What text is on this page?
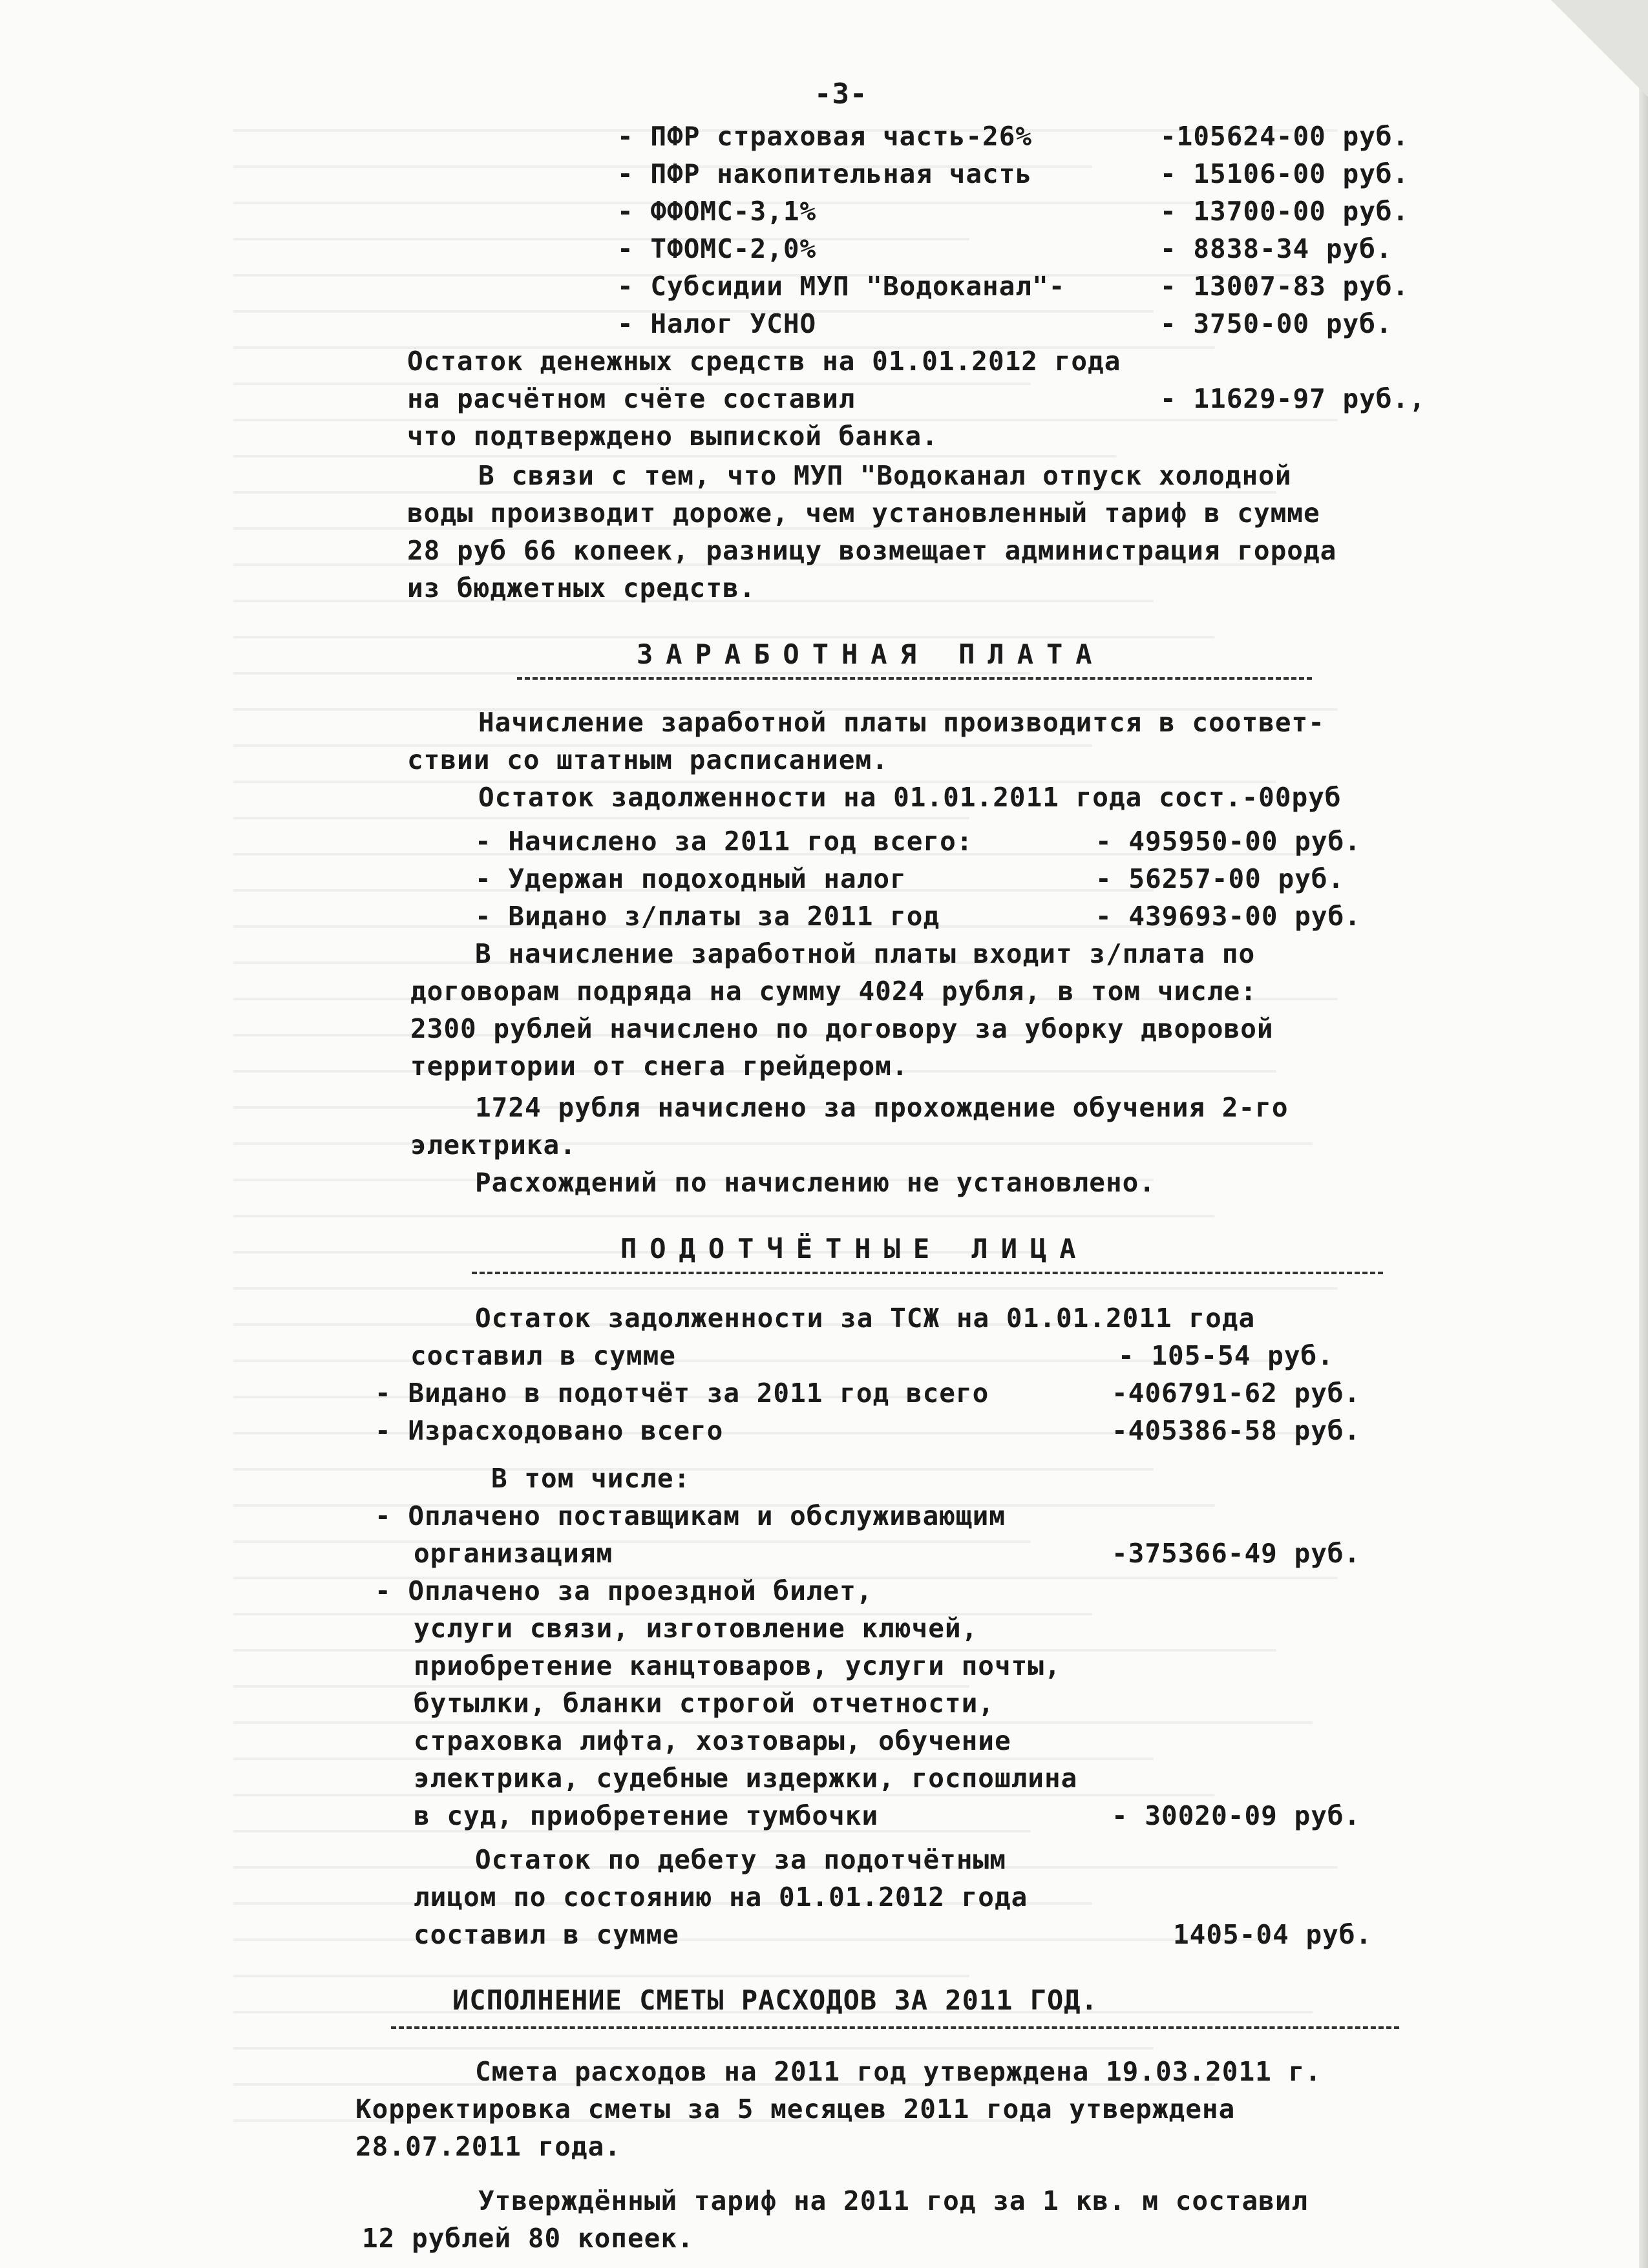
-3-
- ПФР страховая часть-26%	-105624-00 руб.
- ПФР накопительная часть	- 15106-00 руб.
- ФФОМС-3,1%	- 13700-00 руб.
- ТФОМС-2,0%	- 8838-34 руб.
- Субсидии МУП "Водоканал"-	- 13007-83 руб.
- Налог УСНО	- 3750-00 руб.
Остаток денежных средств на 01.01.2012 года
на расчётном счёте составил	- 11629-97 руб.,
что подтверждено выпиской банка.
В связи с тем, что МУП "Водоканал отпуск холодной
воды производит дороже, чем установленный тариф в сумме
28 руб 66 копеек, разницу возмещает администрация города
из бюджетных средств.
ЗАРАБОТНАЯ ПЛАТА
Начисление заработной платы производится в соответ-
ствии со штатным расписанием.
Остаток задолженности на 01.01.2011 года сост.-00руб
- Начислено за 2011 год всего:	- 495950-00 руб.
- Удержан подоходный налог	- 56257-00 руб.
- Видано з/платы за 2011 год	- 439693-00 руб.
В начисление заработной платы входит з/плата по
договорам подряда на сумму 4024 рубля, в том числе:
2300 рублей начислено по договору за уборку дворовой
территории от снега грейдером.
1724 рубля начислено за прохождение обучения 2-го
электрика.
Расхождений по начислению не установлено.
ПОДОТЧЁТНЫЕ ЛИЦА
Остаток задолженности за ТСЖ на 01.01.2011 года
составил в сумме	- 105-54 руб.
- Видано в подотчёт за 2011 год всего	-406791-62 руб.
- Израсходовано всего	-405386-58 руб.
В том числе:
- Оплачено поставщикам и обслуживающим
организациям	-375366-49 руб.
- Оплачено за проездной билет,
услуги связи, изготовление ключей,
приобретение канцтоваров, услуги почты,
бутылки, бланки строгой отчетности,
страховка лифта, хозтовары, обучение
электрика, судебные издержки, госпошлина
в суд, приобретение тумбочки	- 30020-09 руб.
Остаток по дебету за подотчётным
лицом по состоянию на 01.01.2012 года
составил в сумме	1405-04 руб.
ИСПОЛНЕНИЕ СМЕТЫ РАСХОДОВ ЗА 2011 ГОД.
Смета расходов на 2011 год утверждена 19.03.2011 г.
Корректировка сметы за 5 месяцев 2011 года утверждена
28.07.2011 года.
Утверждённый тариф на 2011 год за 1 кв. м составил
12 рублей 80 копеек.
